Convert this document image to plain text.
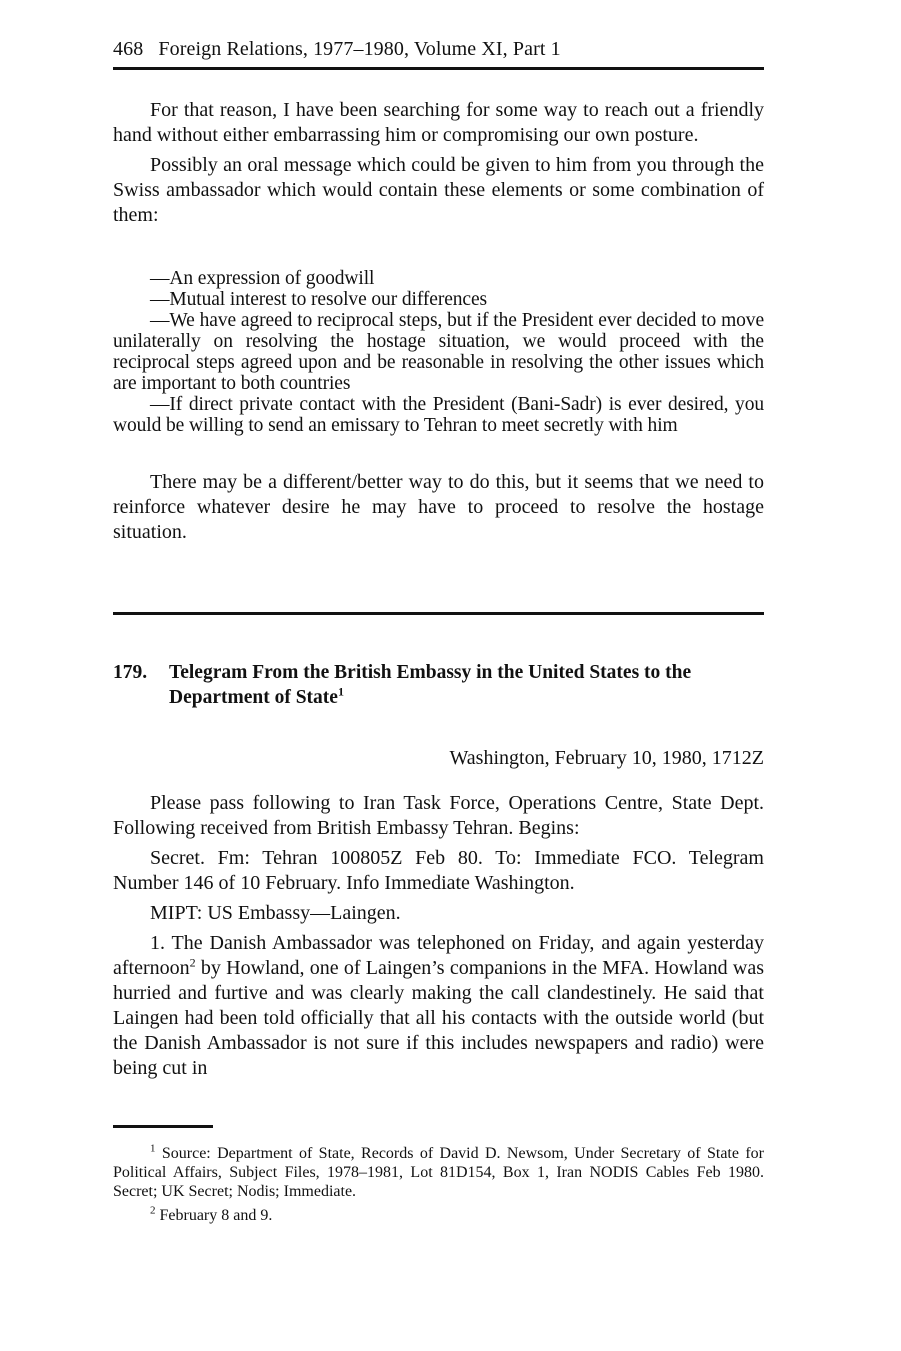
468 Foreign Relations, 1977–1980, Volume XI, Part 1

For that reason, I have been searching for some way to reach out a friendly hand without either embarrassing him or compromising our own posture.

Possibly an oral message which could be given to him from you through the Swiss ambassador which would contain these elements or some combination of them:

—An expression of goodwill

—Mutual interest to resolve our differences

—We have agreed to reciprocal steps, but if the President ever decided to move unilaterally on resolving the hostage situation, we would proceed with the reciprocal steps agreed upon and be reasonable in resolving the other issues which are important to both countries

—If direct private contact with the President (Bani-Sadr) is ever desired, you would be willing to send an emissary to Tehran to meet secretly with him

There may be a different/better way to do this, but it seems that we need to reinforce whatever desire he may have to proceed to resolve the hostage situation.

179. Telegram From the British Embassy in the United States to the Department of State$^1$
Washington, February 10, 1980, 1712Z

Please pass following to Iran Task Force, Operations Centre, State Dept. Following received from British Embassy Tehran. Begins:

Secret. Fm: Tehran 100805Z Feb 80. To: Immediate FCO. Telegram Number 146 of 10 February. Info Immediate Washington.

MIPT: US Embassy—Laingen.

1. The Danish Ambassador was telephoned on Friday, and again yesterday afternoon$^2$ by Howland, one of Laingen’s companions in the MFA. Howland was hurried and furtive and was clearly making the call clandestinely. He said that Laingen had been told officially that all his contacts with the outside world (but the Danish Ambassador is not sure if this includes newspapers and radio) were being cut in

$^1$ Source: Department of State, Records of David D. Newsom, Under Secretary of State for Political Affairs, Subject Files, 1978–1981, Lot 81D154, Box 1, Iran NODIS Cables Feb 1980. Secret; UK Secret; Nodis; Immediate.

$^2$ February 8 and 9.
